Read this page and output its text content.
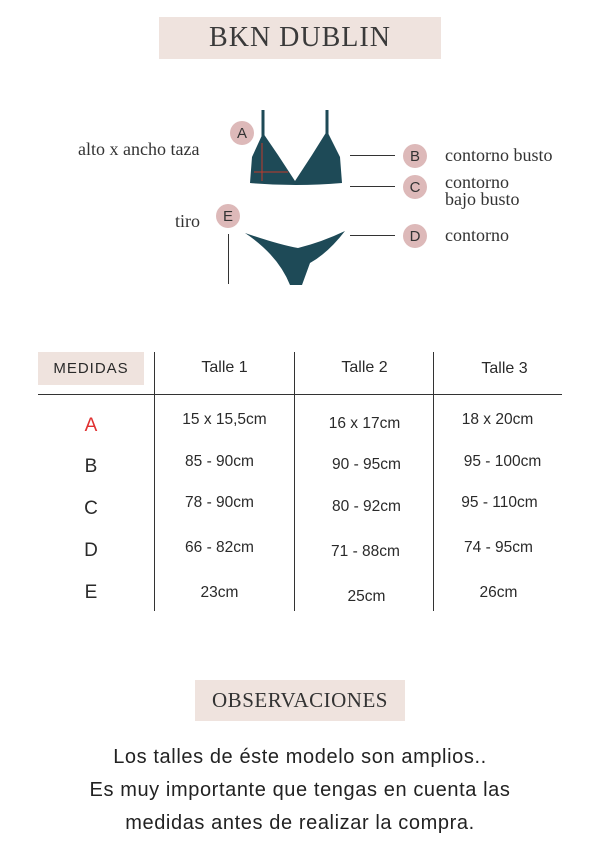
BKN DUBLIN
alto x ancho taza
A
B	contorno busto
C	contorno
bajo busto
tiro	E
D	contorno
MEDIDAS	Talle 1	Talle 2	Talle 3
A	15 x 15,5cm	16 x 17cm	18 x 20cm
B	85 - 90cm	90 - 95cm	95 - 100cm
C	78 - 90cm	80 - 92cm	95 - 110cm
D	66 - 82cm	71 - 88cm	74 - 95cm
E	23cm	25cm	26cm
OBSERVACIONES
Los talles de éste modelo son amplios..
Es muy importante que tengas en cuenta las
medidas antes de realizar la compra.
